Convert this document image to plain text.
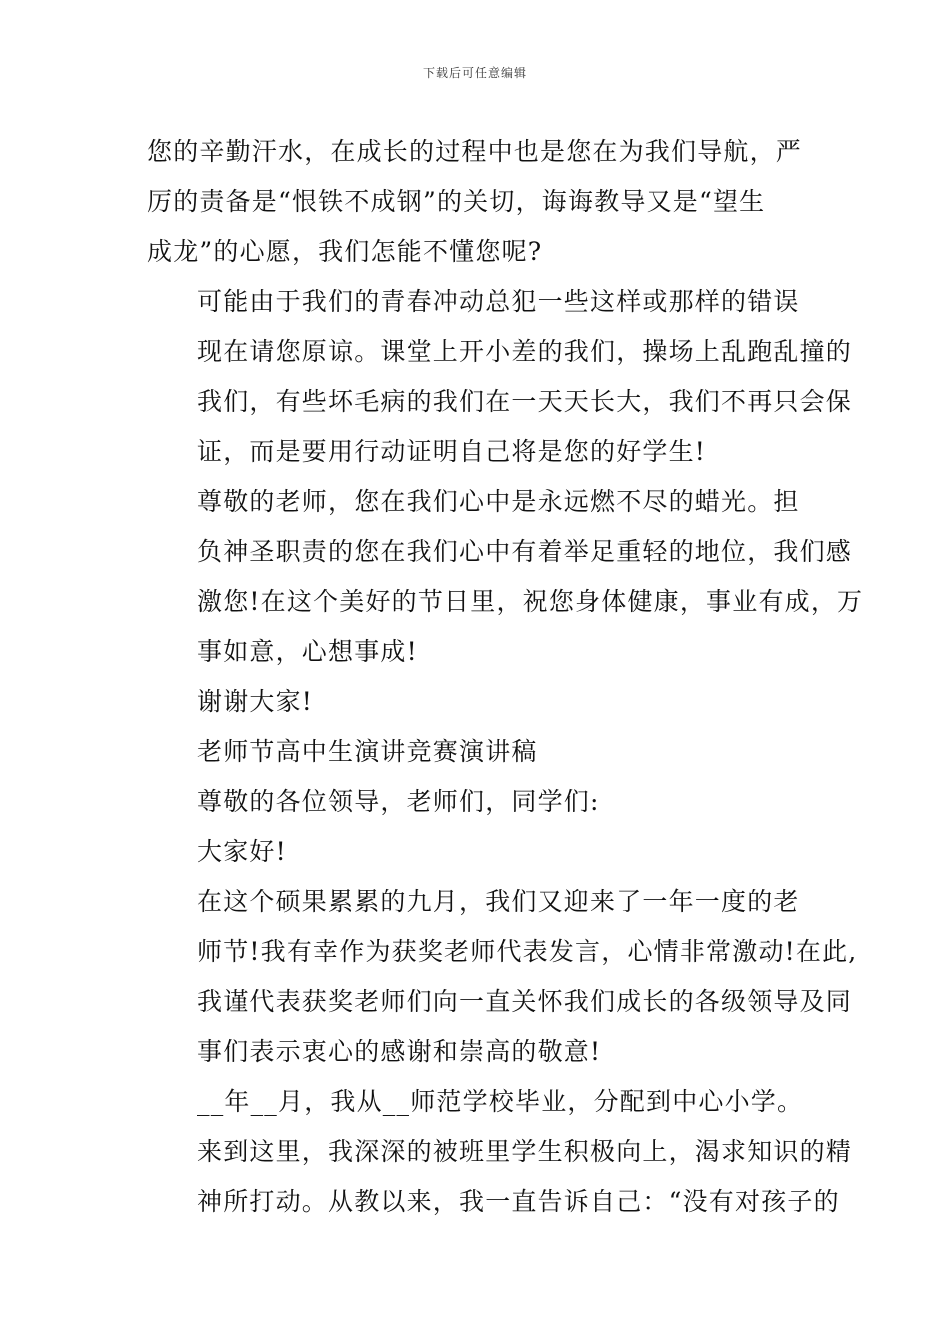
下载后可任意编辑

您的辛勤汗水，在成长的过程中也是您在为我们导航，严
厉的责备是“恨铁不成钢”的关切，诲诲教导又是“望生
成龙”的心愿，我们怎能不懂您呢?

可能由于我们的青春冲动总犯一些这样或那样的错误
现在请您原谅。课堂上开小差的我们，操场上乱跑乱撞的
我们，有些坏毛病的我们在一天天长大，我们不再只会保
证，而是要用行动证明自己将是您的好学生!

尊敬的老师，您在我们心中是永远燃不尽的蜡光。担
负神圣职责的您在我们心中有着举足重轻的地位，我们感
激您!在这个美好的节日里，祝您身体健康，事业有成，万
事如意，心想事成!

谢谢大家!

老师节高中生演讲竞赛演讲稿

尊敬的各位领导，老师们，同学们:

大家好!

在这个硕果累累的九月，我们又迎来了一年一度的老
师节!我有幸作为获奖老师代表发言，心情非常激动!在此,
我谨代表获奖老师们向一直关怀我们成长的各级领导及同
事们表示衷心的感谢和崇高的敬意!

__年__月，我从__师范学校毕业，分配到中心小学。
来到这里，我深深的被班里学生积极向上，渴求知识的精
神所打动。从教以来，我一直告诉自己：“没有对孩子的
